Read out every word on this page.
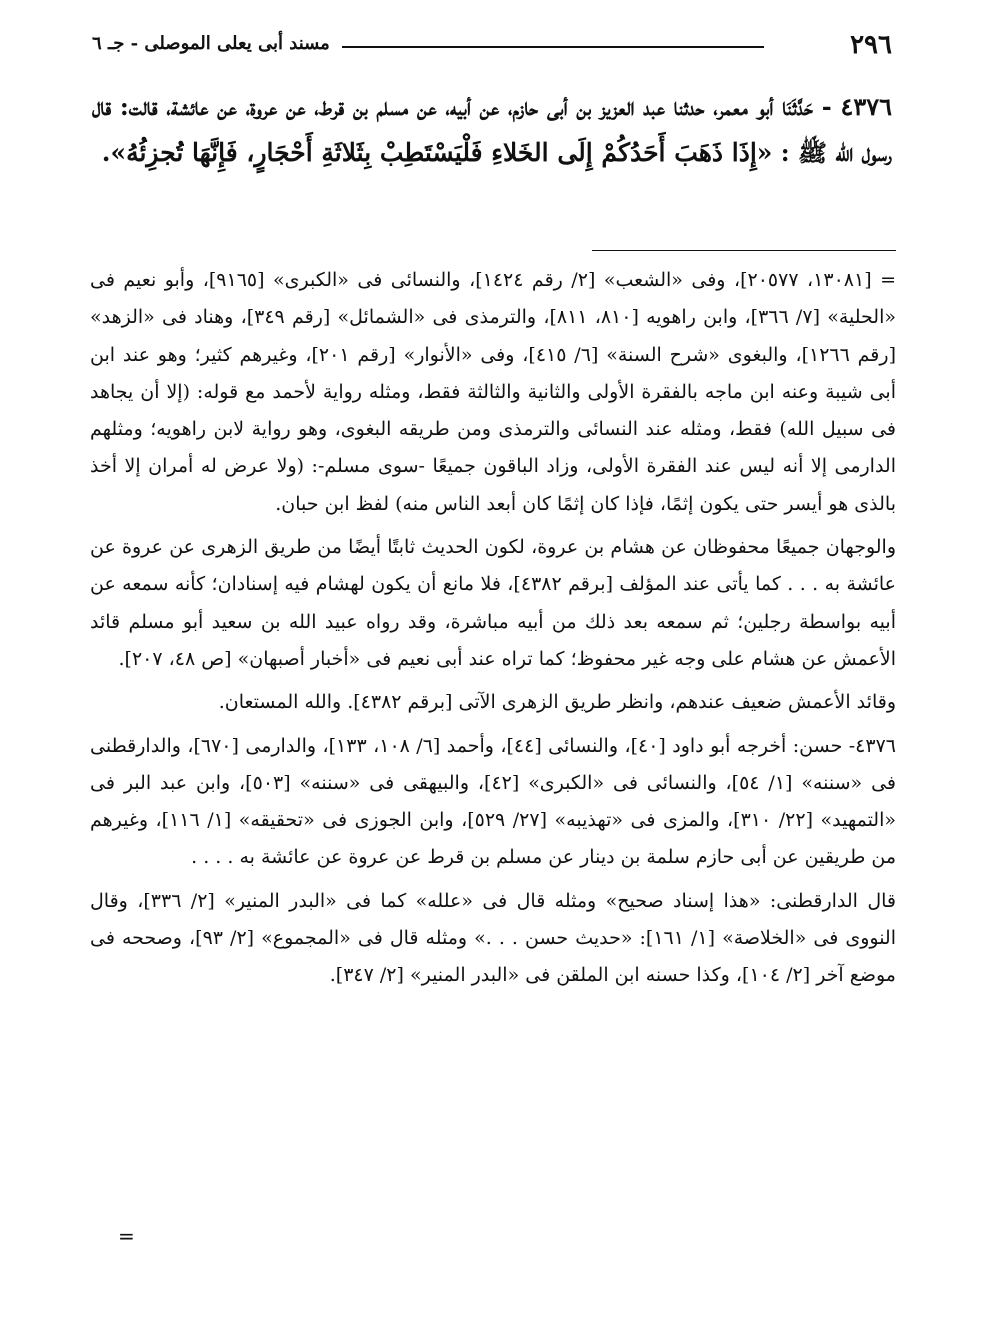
٢٩٦
مسند أبى يعلى الموصلى - جـ ٦
٤٣٧٦ - حَدَّثَنَا أبو معمر، حدثنا عبد العزيز بن أبى حازم، عن أبيه، عن مسلم بن قرط، عن عروة، عن عائشة، قالت: قال رسول الله ﷺ : «إِذَا ذَهَبَ أَحَدُكُمْ إِلَى الخَلاءِ فَلْيَسْتَطِبْ بِثَلاثَةِ أَحْجَارٍ، فَإِنَّهَا تُجزِئُهُ».

= [١٣٠٨١، ٢٠٥٧٧]، وفى «الشعب» [٢/ رقم ١٤٢٤]، والنسائى فى «الكبرى» [٩١٦٥]، وأبو نعيم فى «الحلية» [٧/ ٣٦٦]، وابن راهويه [٨١٠، ٨١١]، والترمذى فى «الشمائل» [رقم ٣٤٩]، وهناد فى «الزهد» [رقم ١٢٦٦]، والبغوى «شرح السنة» [٦/ ٤١٥]، وفى «الأنوار» [رقم ٢٠١]، وغيرهم كثير؛ وهو عند ابن أبى شيبة وعنه ابن ماجه بالفقرة الأولى والثانية والثالثة فقط، ومثله رواية لأحمد مع قوله: (إلا أن يجاهد فى سبيل الله) فقط، ومثله عند النسائى والترمذى ومن طريقه البغوى، وهو رواية لابن راهويه؛ ومثلهم الدارمى إلا أنه ليس عند الفقرة الأولى، وزاد الباقون جميعًا -سوى مسلم-: (ولا عرض له أمران إلا أخذ بالذى هو أيسر حتى يكون إثمًا، فإذا كان إثمًا كان أبعد الناس منه) لفظ ابن حبان.

والوجهان جميعًا محفوظان عن هشام بن عروة، لكون الحديث ثابتًا أيضًا من طريق الزهرى عن عروة عن عائشة به . . . كما يأتى عند المؤلف [برقم ٤٣٨٢]، فلا مانع أن يكون لهشام فيه إسنادان؛ كأنه سمعه عن أبيه بواسطة رجلين؛ ثم سمعه بعد ذلك من أبيه مباشرة، وقد رواه عبيد الله بن سعيد أبو مسلم قائد الأعمش عن هشام على وجه غير محفوظ؛ كما تراه عند أبى نعيم فى «أخبار أصبهان» [ص ٤٨، ٢٠٧].

وقائد الأعمش ضعيف عندهم، وانظر طريق الزهرى الآتى [برقم ٤٣٨٢]. والله المستعان.

٤٣٧٦- حسن: أخرجه أبو داود [٤٠]، والنسائى [٤٤]، وأحمد [٦/ ١٠٨، ١٣٣]، والدارمى [٦٧٠]، والدارقطنى فى «سننه» [١/ ٥٤]، والنسائى فى «الكبرى» [٤٢]، والبيهقى فى «سننه» [٥٠٣]، وابن عبد البر فى «التمهيد» [٢٢/ ٣١٠]، والمزى فى «تهذيبه» [٢٧/ ٥٢٩]، وابن الجوزى فى «تحقيقه» [١/ ١١٦]، وغيرهم من طريقين عن أبى حازم سلمة بن دينار عن مسلم بن قرط عن عروة عن عائشة به . . . .

قال الدارقطنى: «هذا إسناد صحيح» ومثله قال فى «علله» كما فى «البدر المنير» [٢/ ٣٣٦]، وقال النووى فى «الخلاصة» [١/ ١٦١]: «حديث حسن . . .» ومثله قال فى «المجموع» [٢/ ٩٣]، وصححه فى موضع آخر [٢/ ١٠٤]، وكذا حسنه ابن الملقن فى «البدر المنير» [٢/ ٣٤٧].

=
